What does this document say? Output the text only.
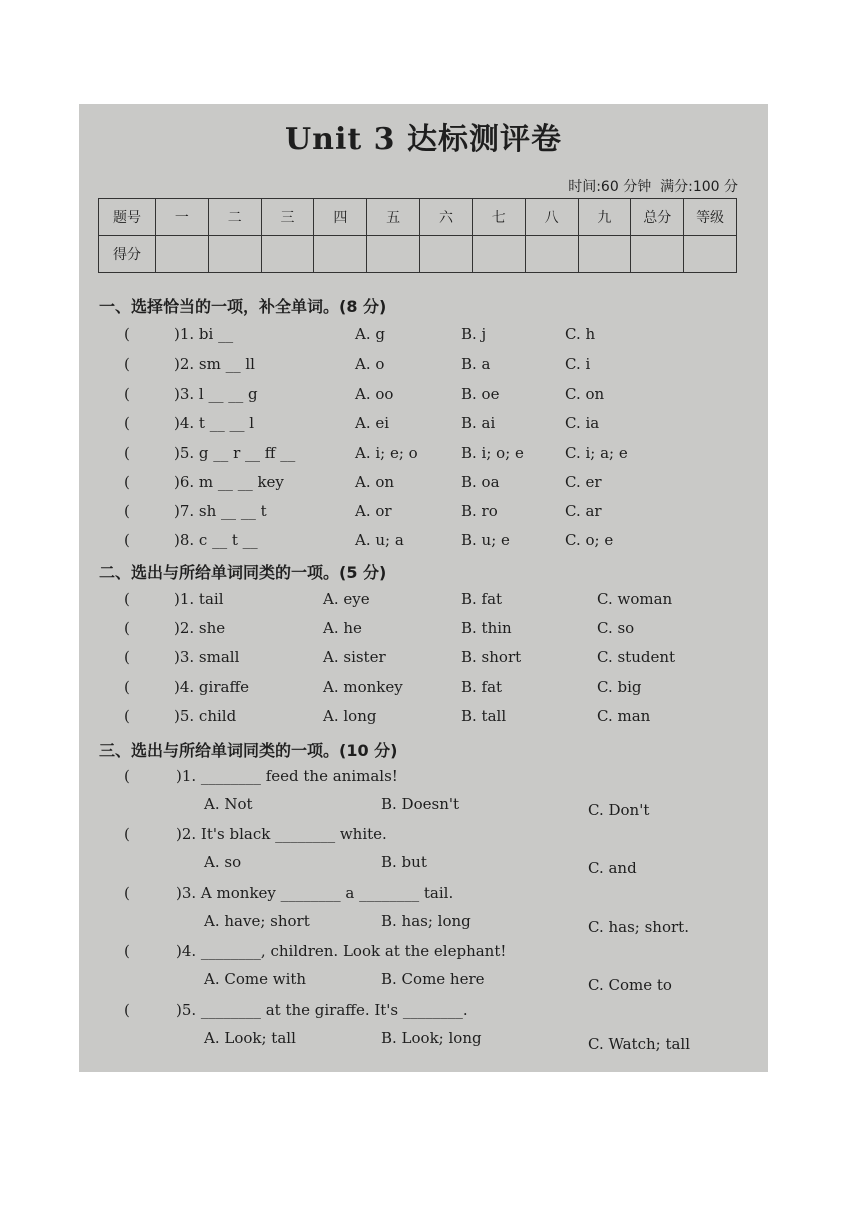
Unit 3 达标测评卷
时间:60 分钟 满分:100 分
题号	一	二	三	四	五	六	七	八	九	总分	等级
得分											
一、选择恰当的一项，补全单词。(8 分)
(	)1. bi __	A. g	B. j	C. h
(	)2. sm __ ll	A. o	B. a	C. i
(	)3. l __ __ g	A. oo	B. oe	C. on
(	)4. t __ __ l	A. ei	B. ai	C. ia
(	)5. g __ r __ ff __	A. i; e; o	B. i; o; e	C. i; a; e
(	)6. m __ __ key	A. on	B. oa	C. er
(	)7. sh __ __ t	A. or	B. ro	C. ar
(	)8. c __ t __	A. u; a	B. u; e	C. o; e
二、选出与所给单词同类的一项。(5 分)
(	)1. tail	A. eye	B. fat	C. woman
(	)2. she	A. he	B. thin	C. so
(	)3. small	A. sister	B. short	C. student
(	)4. giraffe	A. monkey	B. fat	C. big
(	)5. child	A. long	B. tall	C. man
三、选出与所给单词同类的一项。(10 分)
(	)1. ________ feed the animals!
A. Not	B. Doesn't	C. Don't
(	)2. It's black ________ white.
A. so	B. but	C. and
(	)3. A monkey ________ a ________ tail.
A. have; short	B. has; long	C. has; short.
(	)4. ________, children. Look at the elephant!
A. Come with	B. Come here	C. Come to
(	)5. ________ at the giraffe. It's ________.
A. Look; tall	B. Look; long	C. Watch; tall
